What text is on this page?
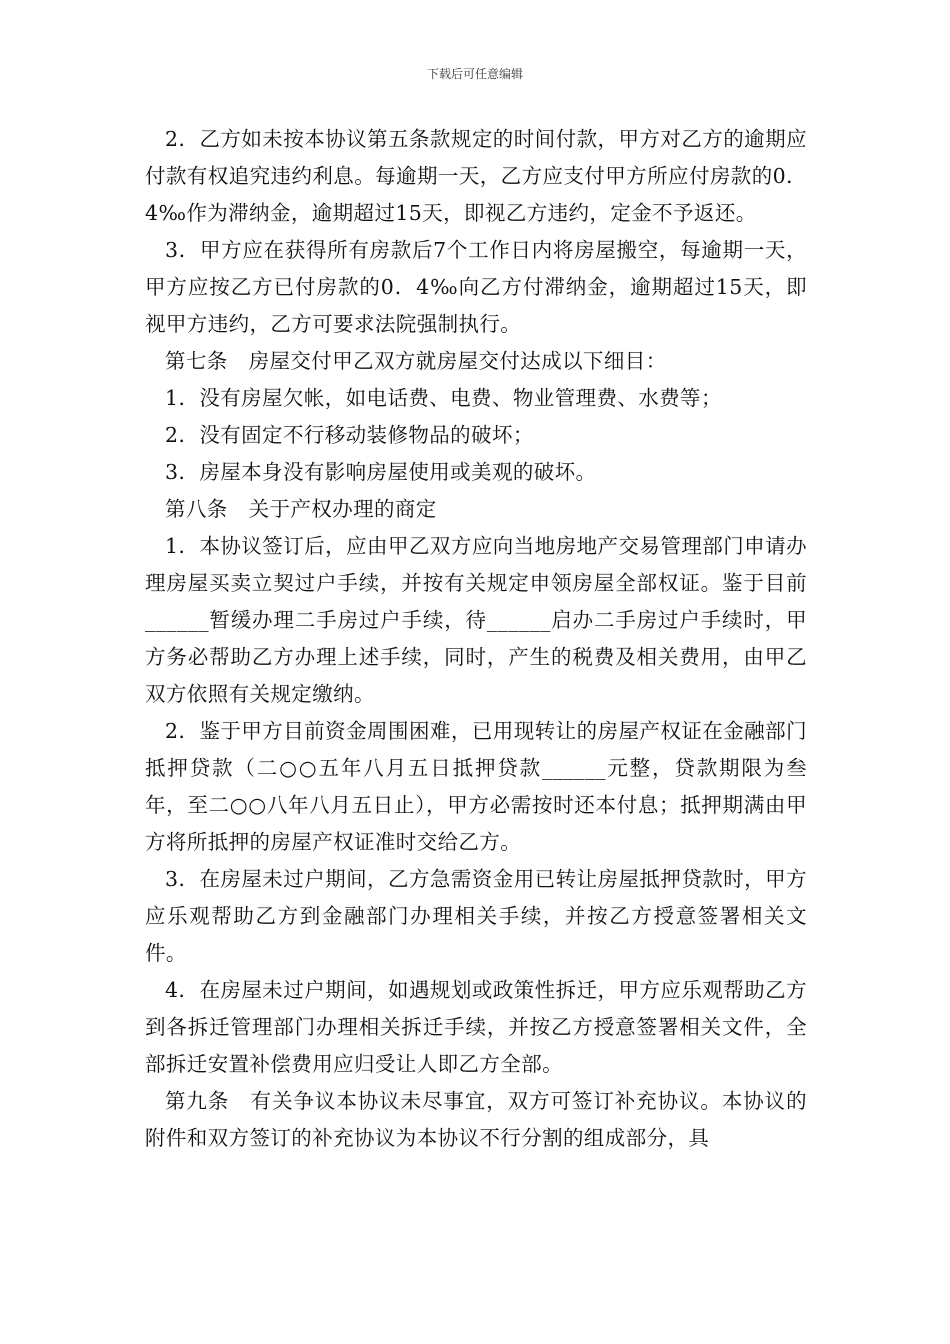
下载后可任意编辑

2．乙方如未按本协议第五条款规定的时间付款，甲方对乙方的逾期应付款有权追究违约利息。每逾期一天，乙方应支付甲方所应付房款的0．4‰作为滞纳金，逾期超过15天，即视乙方违约，定金不予返还。

3．甲方应在获得所有房款后7个工作日内将房屋搬空，每逾期一天，甲方应按乙方已付房款的0．4‰向乙方付滞纳金，逾期超过15天，即视甲方违约，乙方可要求法院强制执行。

第七条　房屋交付甲乙双方就房屋交付达成以下细目：

1．没有房屋欠帐，如电话费、电费、物业管理费、水费等；

2．没有固定不行移动装修物品的破坏；

3．房屋本身没有影响房屋使用或美观的破坏。

第八条　关于产权办理的商定

1．本协议签订后，应由甲乙双方应向当地房地产交易管理部门申请办理房屋买卖立契过户手续，并按有关规定申领房屋全部权证。鉴于目前______暂缓办理二手房过户手续，待______启办二手房过户手续时，甲方务必帮助乙方办理上述手续，同时，产生的税费及相关费用，由甲乙双方依照有关规定缴纳。

2．鉴于甲方目前资金周围困难，已用现转让的房屋产权证在金融部门抵押贷款（二○○五年八月五日抵押贷款______元整，贷款期限为叁年，至二○○八年八月五日止），甲方必需按时还本付息；抵押期满由甲方将所抵押的房屋产权证准时交给乙方。

3．在房屋未过户期间，乙方急需资金用已转让房屋抵押贷款时，甲方应乐观帮助乙方到金融部门办理相关手续，并按乙方授意签署相关文件。

4．在房屋未过户期间，如遇规划或政策性拆迁，甲方应乐观帮助乙方到各拆迁管理部门办理相关拆迁手续，并按乙方授意签署相关文件，全部拆迁安置补偿费用应归受让人即乙方全部。

第九条　有关争议本协议未尽事宜，双方可签订补充协议。本协议的附件和双方签订的补充协议为本协议不行分割的组成部分，具
